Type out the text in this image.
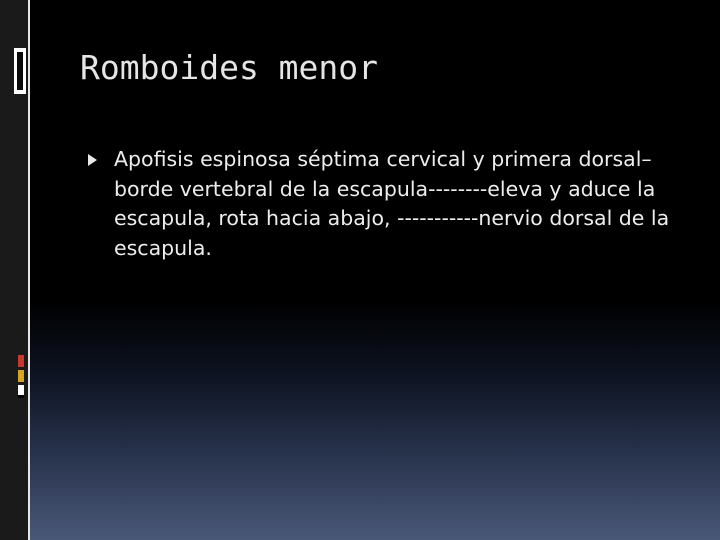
Romboides menor
Apofisis espinosa séptima cervical y primera dorsal– borde vertebral de la escapula--------eleva y aduce la escapula, rota hacia abajo, -----------nervio dorsal de la escapula.
